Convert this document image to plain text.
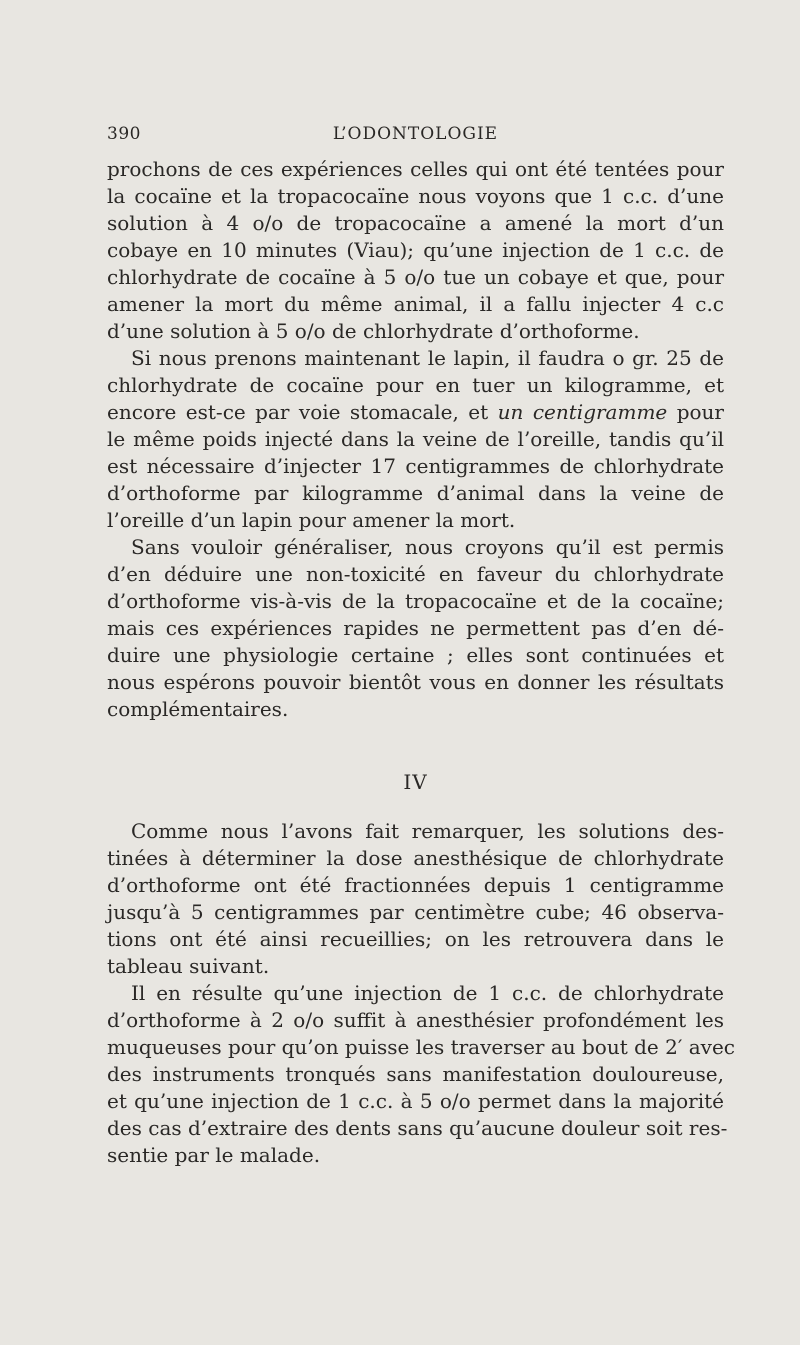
390	L’ODONTOLOGIE
prochons de ces expériences celles qui ont été tentées pour
la cocaïne et la tropacocaïne nous voyons que 1 c.c. d’une
solution à 4 o/o de tropacocaïne a amené la mort d’un
cobaye en 10 minutes (Viau); qu’une injection de 1 c.c. de
chlorhydrate de cocaïne à 5 o/o tue un cobaye et que, pour
amener la mort du même animal, il a fallu injecter 4 c.c
d’une solution à 5 o/o de chlorhydrate d’orthoforme.
Si nous prenons maintenant le lapin, il faudra o gr. 25 de
chlorhydrate de cocaïne pour en tuer un kilogramme, et
encore est-ce par voie stomacale, et un centigramme pour
le même poids injecté dans la veine de l’oreille, tandis qu’il
est nécessaire d’injecter 17 centigrammes de chlorhydrate
d’orthoforme par kilogramme d’animal dans la veine de
l’oreille d’un lapin pour amener la mort.
Sans vouloir généraliser, nous croyons qu’il est permis
d’en déduire une non-toxicité en faveur du chlorhydrate
d’orthoforme vis-à-vis de la tropacocaïne et de la cocaïne;
mais ces expériences rapides ne permettent pas d’en dé-
duire une physiologie certaine ; elles sont continuées et
nous espérons pouvoir bientôt vous en donner les résultats
complémentaires.
IV
Comme nous l’avons fait remarquer, les solutions des-
tinées à déterminer la dose anesthésique de chlorhydrate
d’orthoforme ont été fractionnées depuis 1 centigramme
jusqu’à 5 centigrammes par centimètre cube; 46 observa-
tions ont été ainsi recueillies; on les retrouvera dans le
tableau suivant.
Il en résulte qu’une injection de 1 c.c. de chlorhydrate
d’orthoforme à 2 o/o suffit à anesthésier profondément les
muqueuses pour qu’on puisse les traverser au bout de 2′ avec
des instruments tronqués sans manifestation douloureuse,
et qu’une injection de 1 c.c. à 5 o/o permet dans la majorité
des cas d’extraire des dents sans qu’aucune douleur soit res-
sentie par le malade.
